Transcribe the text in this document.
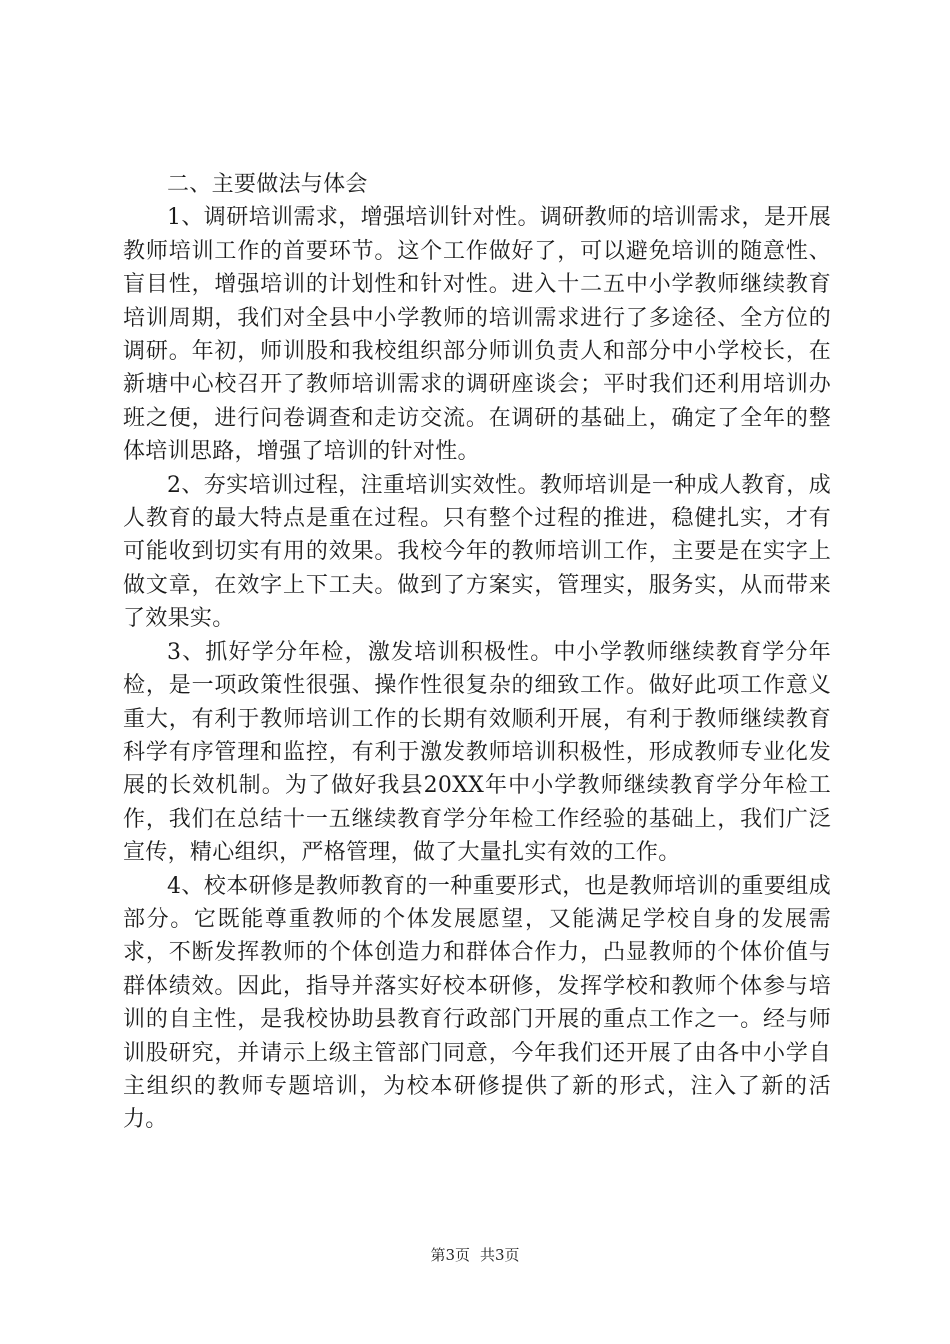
二、主要做法与体会

1、调研培训需求，增强培训针对性。调研教师的培训需求，是开展教师培训工作的首要环节。这个工作做好了，可以避免培训的随意性、盲目性，增强培训的计划性和针对性。进入十二五中小学教师继续教育培训周期，我们对全县中小学教师的培训需求进行了多途径、全方位的调研。年初，师训股和我校组织部分师训负责人和部分中小学校长，在新塘中心校召开了教师培训需求的调研座谈会；平时我们还利用培训办班之便，进行问卷调查和走访交流。在调研的基础上，确定了全年的整体培训思路，增强了培训的针对性。

2、夯实培训过程，注重培训实效性。教师培训是一种成人教育，成人教育的最大特点是重在过程。只有整个过程的推进，稳健扎实，才有可能收到切实有用的效果。我校今年的教师培训工作，主要是在实字上做文章，在效字上下工夫。做到了方案实，管理实，服务实，从而带来了效果实。

3、抓好学分年检，激发培训积极性。中小学教师继续教育学分年检，是一项政策性很强、操作性很复杂的细致工作。做好此项工作意义重大，有利于教师培训工作的长期有效顺利开展，有利于教师继续教育科学有序管理和监控，有利于激发教师培训积极性，形成教师专业化发展的长效机制。为了做好我县20XX年中小学教师继续教育学分年检工作，我们在总结十一五继续教育学分年检工作经验的基础上，我们广泛宣传，精心组织，严格管理，做了大量扎实有效的工作。

4、校本研修是教师教育的一种重要形式，也是教师培训的重要组成部分。它既能尊重教师的个体发展愿望，又能满足学校自身的发展需求，不断发挥教师的个体创造力和群体合作力，凸显教师的个体价值与群体绩效。因此，指导并落实好校本研修，发挥学校和教师个体参与培训的自主性，是我校协助县教育行政部门开展的重点工作之一。经与师训股研究，并请示上级主管部门同意，今年我们还开展了由各中小学自主组织的教师专题培训，为校本研修提供了新的形式，注入了新的活力。

第3页 共3页
